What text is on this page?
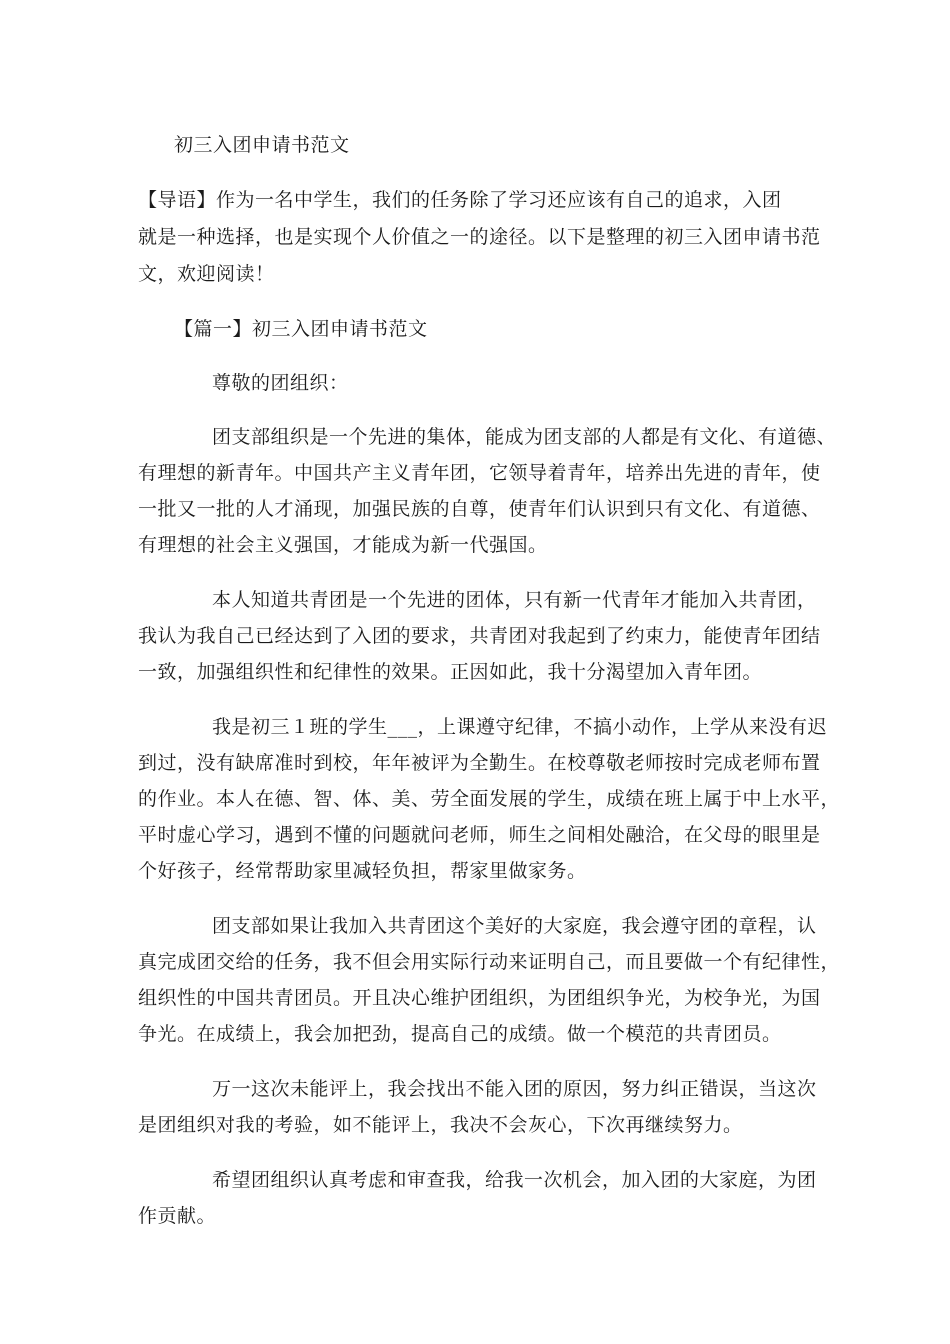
初三入团申请书范文
【导语】作为一名中学生，我们的任务除了学习还应该有自己的追求，入团
就是一种选择，也是实现个人价值之一的途径。以下是整理的初三入团申请书范
文，欢迎阅读！
【篇一】初三入团申请书范文
尊敬的团组织：
团支部组织是一个先进的集体，能成为团支部的人都是有文化、有道德、
有理想的新青年。中国共产主义青年团，它领导着青年，培养出先进的青年，使
一批又一批的人才涌现，加强民族的自尊，使青年们认识到只有文化、有道德、
有理想的社会主义强国，才能成为新一代强国。
本人知道共青团是一个先进的团体，只有新一代青年才能加入共青团，
我认为我自己已经达到了入团的要求，共青团对我起到了约束力，能使青年团结
一致，加强组织性和纪律性的效果。正因如此，我十分渴望加入青年团。
我是初三１班的学生___，上课遵守纪律，不搞小动作，上学从来没有迟
到过，没有缺席准时到校，年年被评为全勤生。在校尊敬老师按时完成老师布置
的作业。本人在德、智、体、美、劳全面发展的学生，成绩在班上属于中上水平，
平时虚心学习，遇到不懂的问题就问老师，师生之间相处融洽，在父母的眼里是
个好孩子，经常帮助家里减轻负担，帮家里做家务。
团支部如果让我加入共青团这个美好的大家庭，我会遵守团的章程，认
真完成团交给的任务，我不但会用实际行动来证明自己，而且要做一个有纪律性，
组织性的中国共青团员。开且决心维护团组织，为团组织争光，为校争光，为国
争光。在成绩上，我会加把劲，提高自己的成绩。做一个模范的共青团员。
万一这次未能评上，我会找出不能入团的原因，努力纠正错误，当这次
是团组织对我的考验，如不能评上，我决不会灰心，下次再继续努力。
希望团组织认真考虑和审查我，给我一次机会，加入团的大家庭，为团
作贡献。
